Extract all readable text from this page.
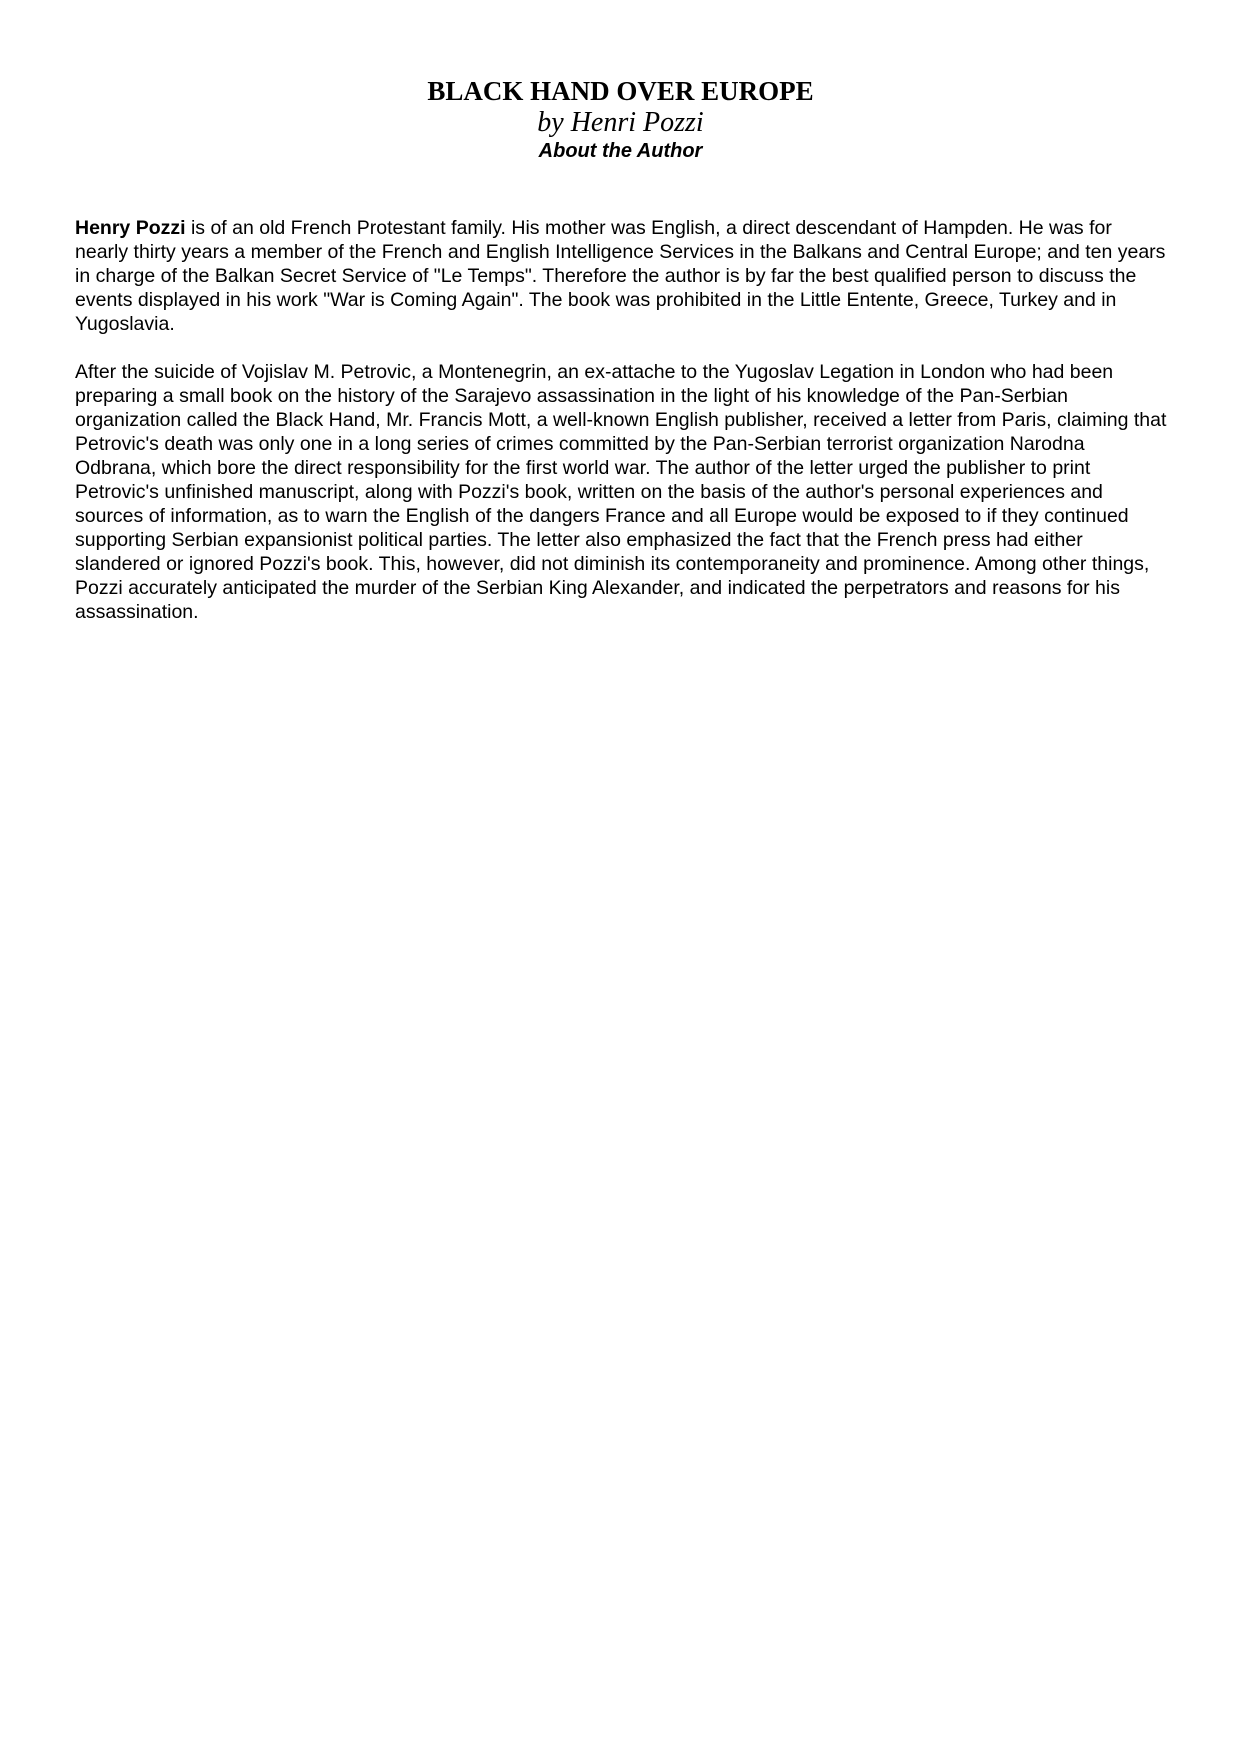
BLACK HAND OVER EUROPE
by Henri Pozzi
About the Author

Henry Pozzi is of an old French Protestant family. His mother was English, a direct descendant of Hampden. He was for nearly thirty years a member of the French and English Intelligence Services in the Balkans and Central Europe; and ten years in charge of the Balkan Secret Service of "Le Temps". Therefore the author is by far the best qualified person to discuss the events displayed in his work "War is Coming Again". The book was prohibited in the Little Entente, Greece, Turkey and in Yugoslavia.

After the suicide of Vojislav M. Petrovic, a Montenegrin, an ex-attache to the Yugoslav Legation in London who had been preparing a small book on the history of the Sarajevo assassination in the light of his knowledge of the Pan-Serbian organization called the Black Hand, Mr. Francis Mott, a well-known English publisher, received a letter from Paris, claiming that Petrovic's death was only one in a long series of crimes committed by the Pan-Serbian terrorist organization Narodna Odbrana, which bore the direct responsibility for the first world war. The author of the letter urged the publisher to print Petrovic's unfinished manuscript, along with Pozzi's book, written on the basis of the author's personal experiences and sources of information, as to warn the English of the dangers France and all Europe would be exposed to if they continued supporting Serbian expansionist political parties. The letter also emphasized the fact that the French press had either slandered or ignored Pozzi's book. This, however, did not diminish its contemporaneity and prominence. Among other things, Pozzi accurately anticipated the murder of the Serbian King Alexander, and indicated the perpetrators and reasons for his assassination.
